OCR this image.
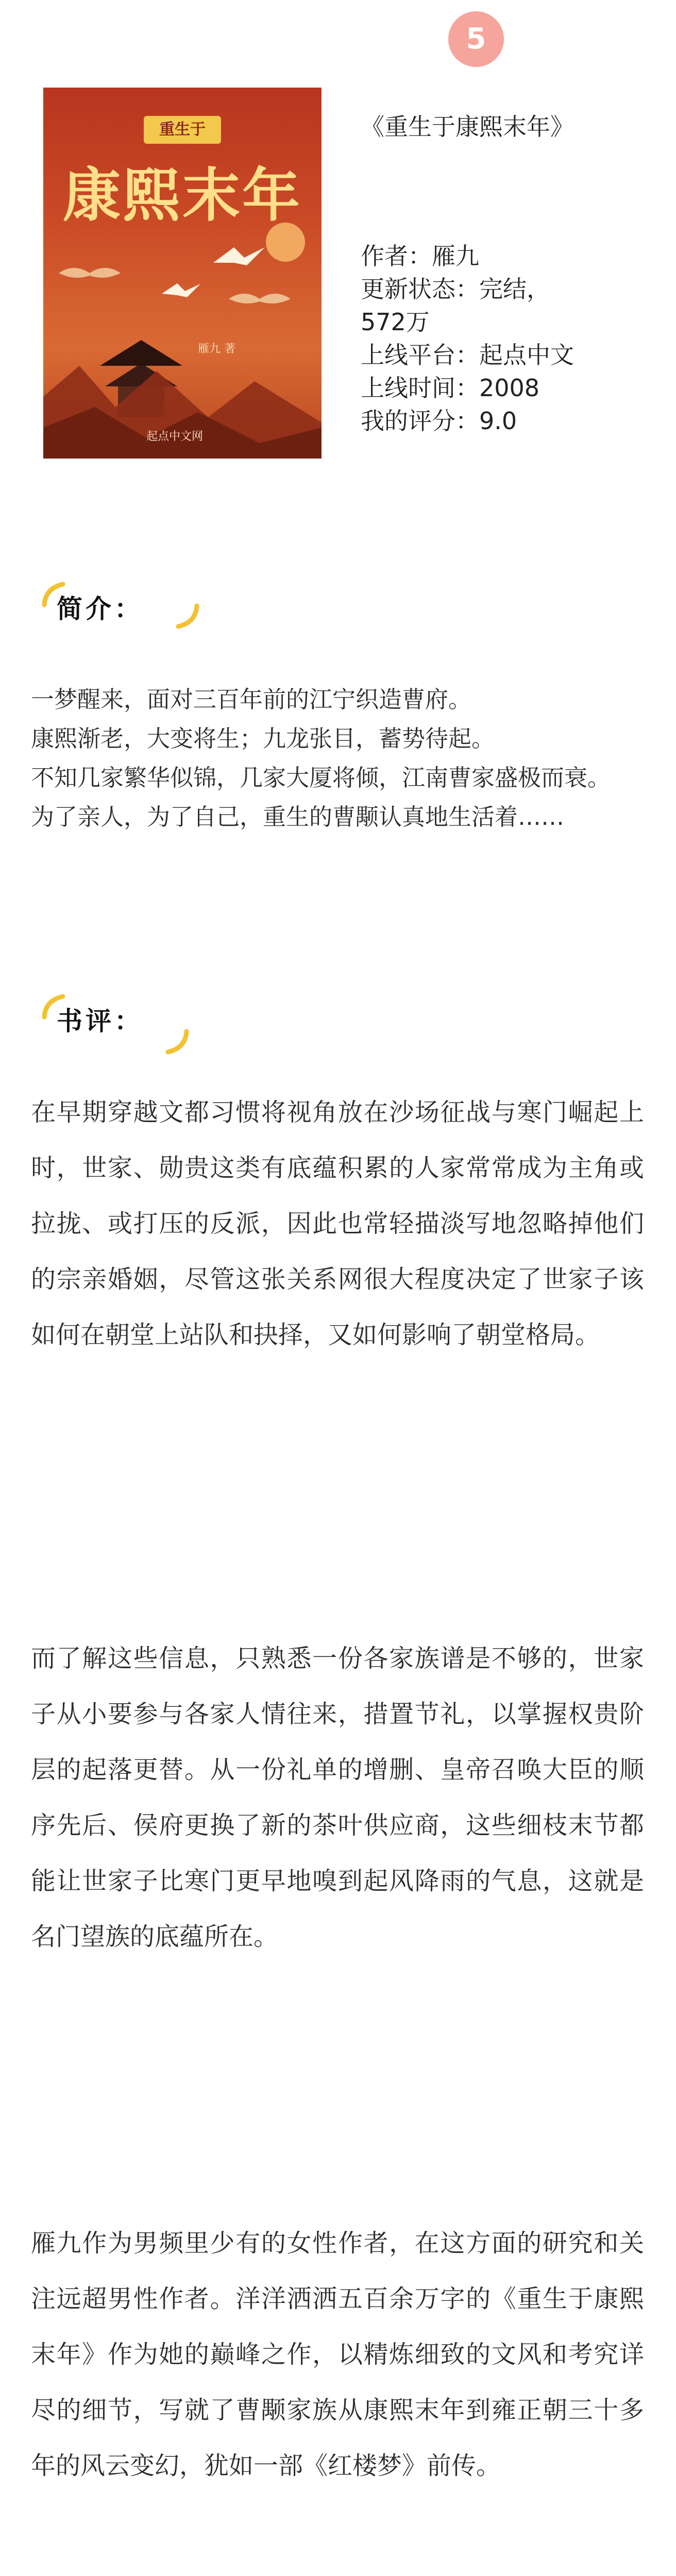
5
重生于
康熙末年
雁九 著
起点中文网
《重生于康熙末年》
作者：雁九
更新状态：完结，
572万
上线平台：起点中文
上线时间：2008
我的评分：9.0
简介：

一梦醒来，面对三百年前的江宁织造曹府。

康熙渐老，大变将生；九龙张目，蓄势待起。

不知几家繁华似锦，几家大厦将倾，江南曹家盛极而衰。

为了亲人，为了自己，重生的曹颙认真地生活着……

书评：

在早期穿越文都习惯将视角放在沙场征战与寒门崛起上时，世家、勋贵这类有底蕴积累的人家常常成为主角或拉拢、或打压的反派，因此也常轻描淡写地忽略掉他们的宗亲婚姻，尽管这张关系网很大程度决定了世家子该如何在朝堂上站队和抉择，又如何影响了朝堂格局。

而了解这些信息，只熟悉一份各家族谱是不够的，世家子从小要参与各家人情往来，措置节礼，以掌握权贵阶层的起落更替。从一份礼单的增删、皇帝召唤大臣的顺序先后、侯府更换了新的茶叶供应商，这些细枝末节都能让世家子比寒门更早地嗅到起风降雨的气息，这就是名门望族的底蕴所在。

雁九作为男频里少有的女性作者，在这方面的研究和关注远超男性作者。洋洋洒洒五百余万字的《重生于康熙末年》作为她的巅峰之作，以精炼细致的文风和考究详尽的细节，写就了曹颙家族从康熙末年到雍正朝三十多年的风云变幻，犹如一部《红楼梦》前传。
